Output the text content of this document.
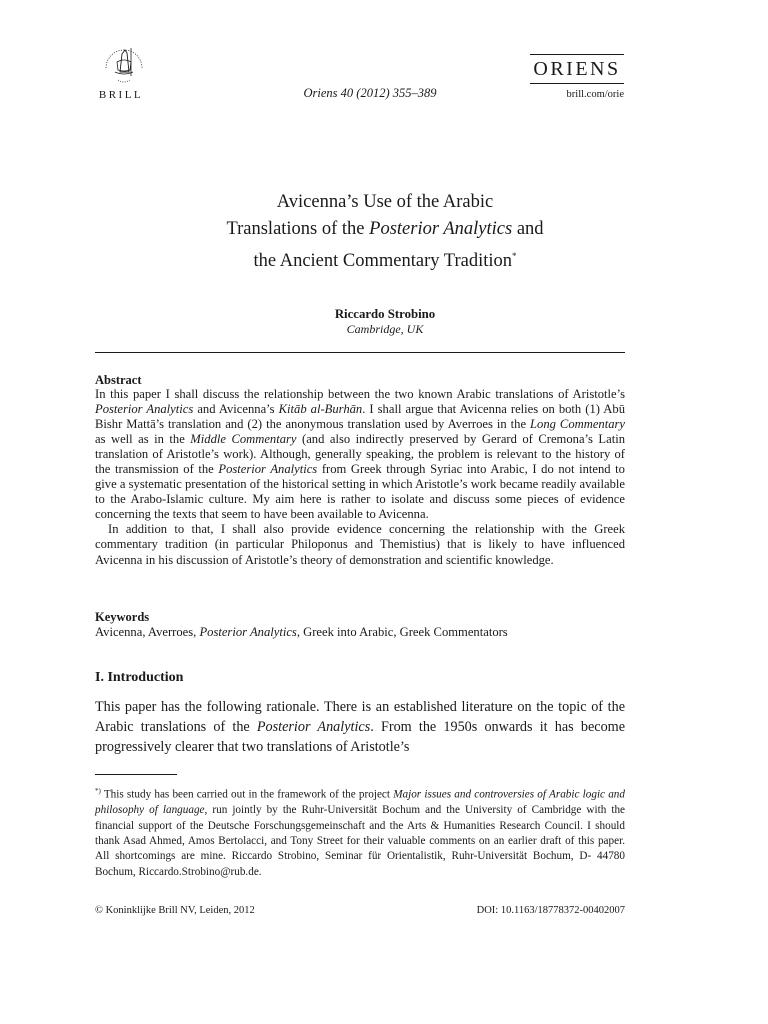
BRILL	Oriens 40 (2012) 355–389
ORIENS
brill.com/orie
Avicenna’s Use of the Arabic
Translations of the Posterior Analytics and
the Ancient Commentary Tradition*
Riccardo Strobino
Cambridge, UK
Abstract

In this paper I shall discuss the relationship between the two known Arabic translations of Aristotle’s Posterior Analytics and Avicenna’s Kitāb al-Burhān. I shall argue that Avicenna relies on both (1) Abū Bishr Mattā’s translation and (2) the anonymous translation used by Averroes in the Long Commentary as well as in the Middle Commentary (and also indirectly preserved by Gerard of Cremona’s Latin translation of Aristotle’s work). Although, generally speaking, the problem is relevant to the history of the transmission of the Posterior Analytics from Greek through Syriac into Arabic, I do not intend to give a systematic presentation of the historical setting in which Aristotle’s work became readily available to the Arabo-Islamic culture. My aim here is rather to isolate and discuss some pieces of evidence concerning the texts that seem to have been available to Avicenna.

In addition to that, I shall also provide evidence concerning the relationship with the Greek commentary tradition (in particular Philoponus and Themistius) that is likely to have influenced Avicenna in his discussion of Aristotle’s theory of demonstration and scientific knowledge.

Keywords
Avicenna, Averroes, Posterior Analytics, Greek into Arabic, Greek Commentators
I. Introduction
This paper has the following rationale. There is an established literature on the topic of the Arabic translations of the Posterior Analytics. From the 1950s onwards it has become progressively clearer that two translations of Aristotle’s
*) This study has been carried out in the framework of the project Major issues and controversies of Arabic logic and philosophy of language, run jointly by the Ruhr-Universität Bochum and the University of Cambridge with the financial support of the Deutsche Forschungsgemeinschaft and the Arts & Humanities Research Council. I should thank Asad Ahmed, Amos Bertolacci, and Tony Street for their valuable comments on an earlier draft of this paper. All shortcomings are mine. Riccardo Strobino, Seminar für Orientalistik, Ruhr-Universität Bochum, D- 44780 Bochum, Riccardo.Strobino@rub.de.
© Koninklijke Brill NV, Leiden, 2012	DOI: 10.1163/18778372-00402007
